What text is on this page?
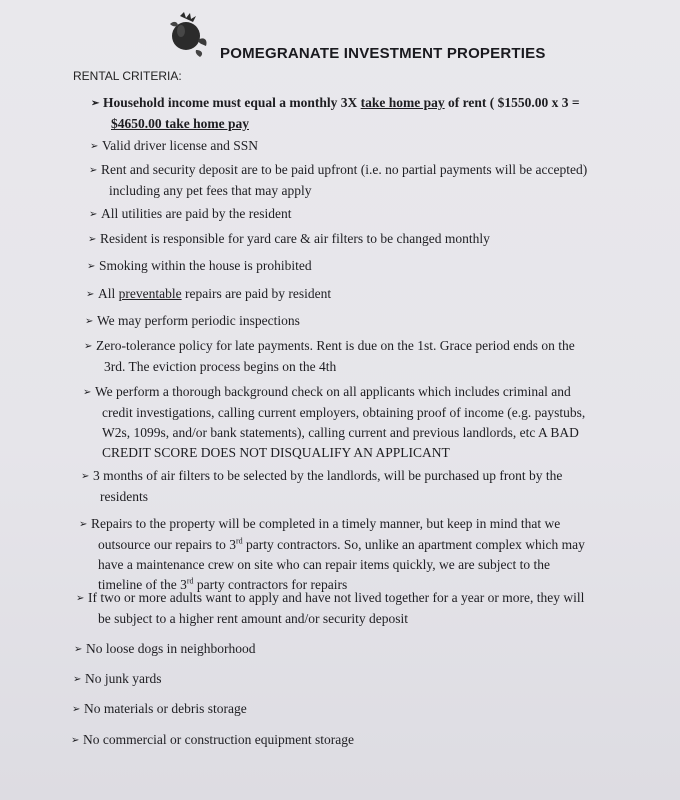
POMEGRANATE INVESTMENT PROPERTIES
RENTAL CRITERIA:
➢ Household income must equal a monthly 3X take home pay of rent ( $1550.00 x 3 =
$4650.00 take home pay
➢ Valid driver license and SSN
➢ Rent and security deposit are to be paid upfront (i.e. no partial payments will be accepted)
including any pet fees that may apply
➢ All utilities are paid by the resident
➢ Resident is responsible for yard care & air filters to be changed monthly
➢ Smoking within the house is prohibited
➢ All preventable repairs are paid by resident
➢ We may perform periodic inspections
➢ Zero-tolerance policy for late payments. Rent is due on the 1st. Grace period ends on the
3rd. The eviction process begins on the 4th
➢ We perform a thorough background check on all applicants which includes criminal and
credit investigations, calling current employers, obtaining proof of income (e.g. paystubs,
W2s, 1099s, and/or bank statements), calling current and previous landlords, etc A BAD
CREDIT SCORE DOES NOT DISQUALIFY AN APPLICANT
➢ 3 months of air filters to be selected by the landlords, will be purchased up front by the
residents
➢ Repairs to the property will be completed in a timely manner, but keep in mind that we
outsource our repairs to 3rd party contractors. So, unlike an apartment complex which may
have a maintenance crew on site who can repair items quickly, we are subject to the
timeline of the 3rd party contractors for repairs
➢ If two or more adults want to apply and have not lived together for a year or more, they will
be subject to a higher rent amount and/or security deposit
➢ No loose dogs in neighborhood
➢ No junk yards
➢ No materials or debris storage
➢ No commercial or construction equipment storage
